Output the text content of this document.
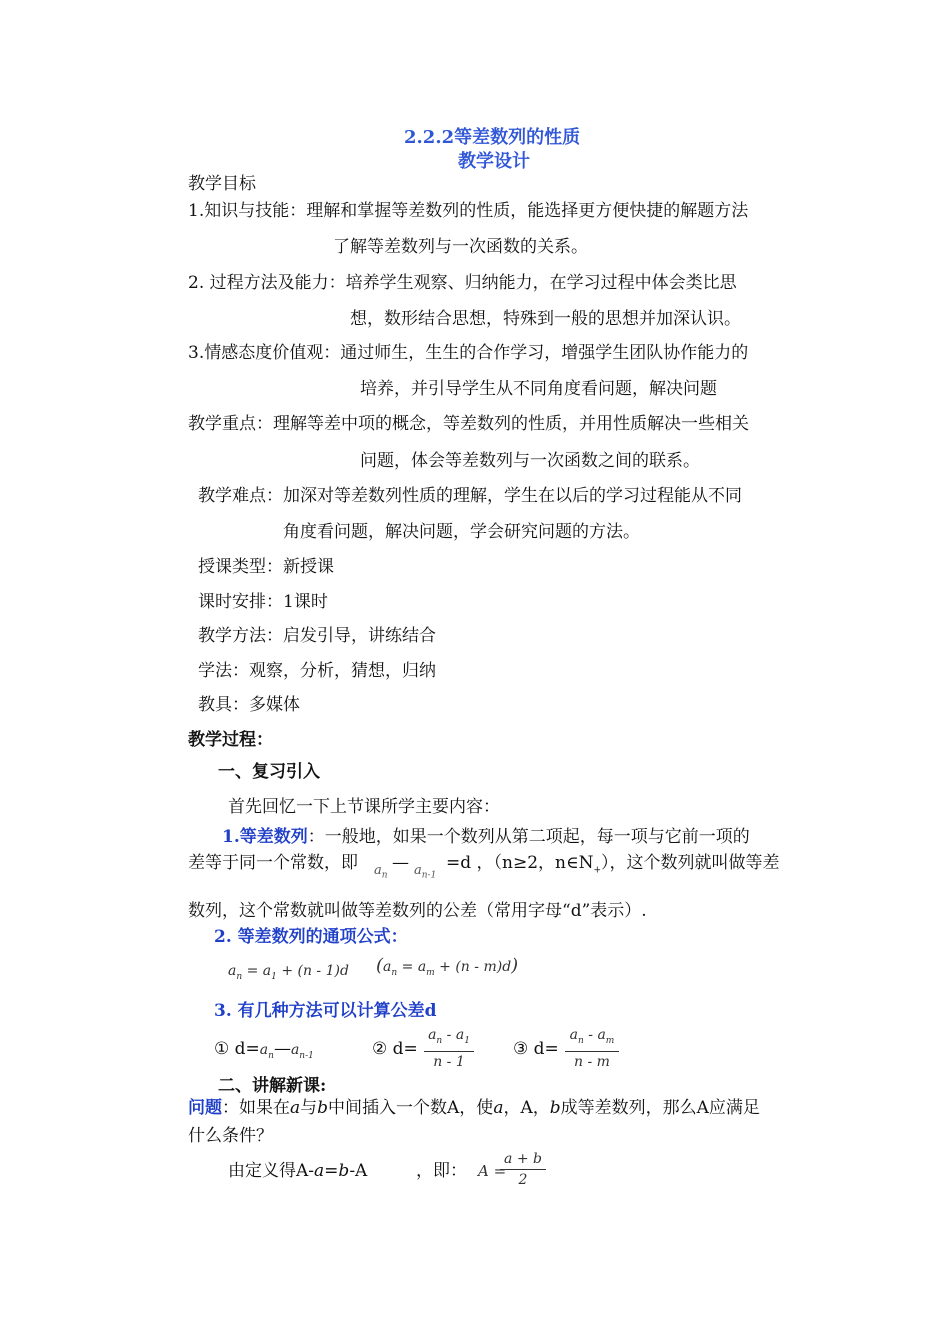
2.2.2等差数列的性质
教学设计
教学目标
1.知识与技能：理解和掌握等差数列的性质，能选择更方便快捷的解题方法
了解等差数列与一次函数的关系。
2. 过程方法及能力：培养学生观察、归纳能力，在学习过程中体会类比思
想，数形结合思想，特殊到一般的思想并加深认识。
3.情感态度价值观：通过师生，生生的合作学习，增强学生团队协作能力的
培养，并引导学生从不同角度看问题，解决问题
教学重点：理解等差中项的概念，等差数列的性质，并用性质解决一些相关
问题，体会等差数列与一次函数之间的联系。
教学难点：加深对等差数列性质的理解，学生在以后的学习过程能从不同
角度看问题，解决问题，学会研究问题的方法。
授课类型：新授课
课时安排：1课时
教学方法：启发引导，讲练结合
学法：观察，分析，猜想，归纳
教具：多媒体
教学过程：
一、复习引入
首先回忆一下上节课所学主要内容：
1.等差数列：一般地，如果一个数列从第二项起，每一项与它前一项的
差等于同一个常数，即 $a_n$
— $a_{n-1}$
=d ，（n≥2，$n\in N_+$），这个数列就叫做等差
数列，这个常数就叫做等差数列的公差（常用字母“d”表示）.
2. 等差数列的通项公式：
$a_n = a_1 + (n - 1)d$ $(a_n = a_m + (n - m)d)$
3. 有几种方法可以计算公差d
① $d=a_n—a_{n-1}$	② d=
$a_n - a_1$
n - 1
③ d=
$a_n - a_m$
n - m
二、讲解新课:
问题：如果在a与b中间插入一个数A，使a，A，b成等差数列，那么A应满足
什么条件？
由定义得A-a=b-A	，即： A =
a + b
2
